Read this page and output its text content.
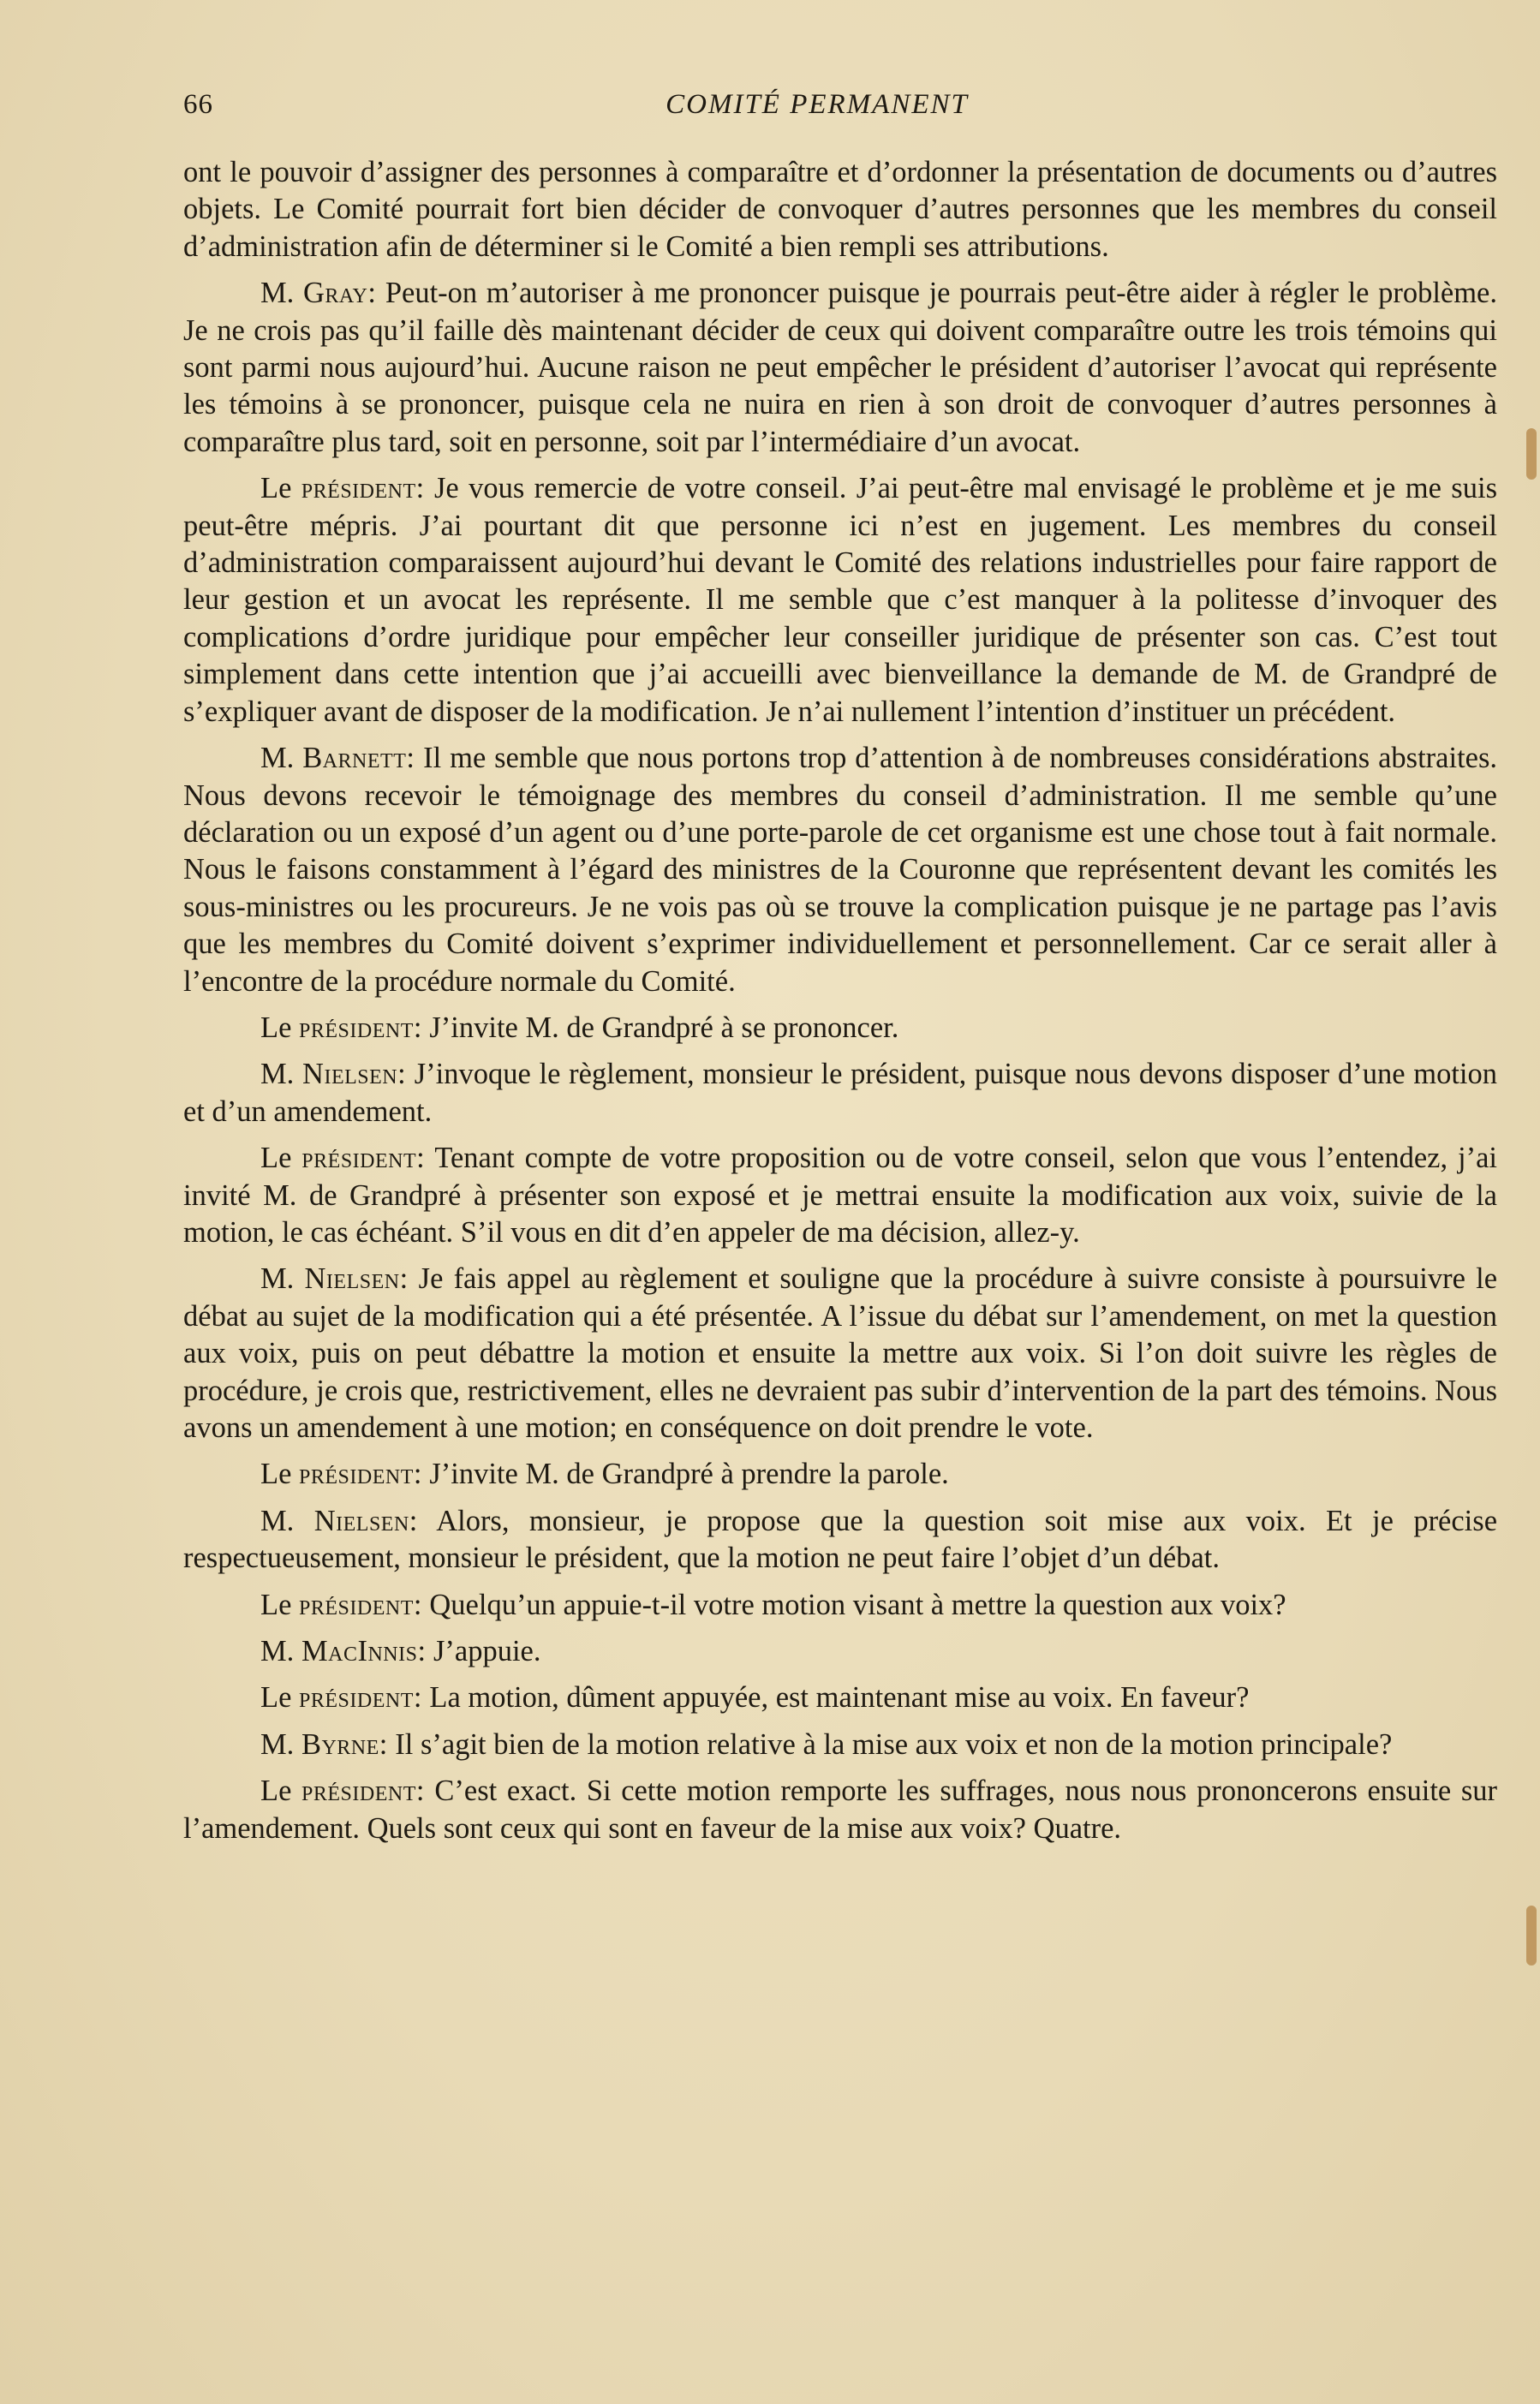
66	COMITÉ PERMANENT

ont le pouvoir d’assigner des personnes à comparaître et d’ordonner la présentation de documents ou d’autres objets. Le Comité pourrait fort bien décider de convoquer d’autres personnes que les membres du conseil d’administration afin de déterminer si le Comité a bien rempli ses attributions.

M. Gray: Peut-on m’autoriser à me prononcer puisque je pourrais peut-être aider à régler le problème. Je ne crois pas qu’il faille dès maintenant décider de ceux qui doivent comparaître outre les trois témoins qui sont parmi nous aujourd’hui. Aucune raison ne peut empêcher le président d’autoriser l’avocat qui représente les témoins à se prononcer, puisque cela ne nuira en rien à son droit de convoquer d’autres personnes à comparaître plus tard, soit en personne, soit par l’intermédiaire d’un avocat.

Le président: Je vous remercie de votre conseil. J’ai peut-être mal envisagé le problème et je me suis peut-être mépris. J’ai pourtant dit que personne ici n’est en jugement. Les membres du conseil d’administration comparaissent aujourd’hui devant le Comité des relations industrielles pour faire rapport de leur gestion et un avocat les représente. Il me semble que c’est manquer à la politesse d’invoquer des complications d’ordre juridique pour empêcher leur conseiller juridique de présenter son cas. C’est tout simplement dans cette intention que j’ai accueilli avec bienveillance la demande de M. de Grandpré de s’expliquer avant de disposer de la modification. Je n’ai nullement l’intention d’instituer un précédent.

M. Barnett: Il me semble que nous portons trop d’attention à de nombreuses considérations abstraites. Nous devons recevoir le témoignage des membres du conseil d’administration. Il me semble qu’une déclaration ou un exposé d’un agent ou d’une porte-parole de cet organisme est une chose tout à fait normale. Nous le faisons constamment à l’égard des ministres de la Couronne que représentent devant les comités les sous-ministres ou les procureurs. Je ne vois pas où se trouve la complication puisque je ne partage pas l’avis que les membres du Comité doivent s’exprimer individuellement et personnellement. Car ce serait aller à l’encontre de la procédure normale du Comité.

Le président: J’invite M. de Grandpré à se prononcer.

M. Nielsen: J’invoque le règlement, monsieur le président, puisque nous devons disposer d’une motion et d’un amendement.

Le président: Tenant compte de votre proposition ou de votre conseil, selon que vous l’entendez, j’ai invité M. de Grandpré à présenter son exposé et je mettrai ensuite la modification aux voix, suivie de la motion, le cas échéant. S’il vous en dit d’en appeler de ma décision, allez-y.

M. Nielsen: Je fais appel au règlement et souligne que la procédure à suivre consiste à poursuivre le débat au sujet de la modification qui a été présentée. A l’issue du débat sur l’amendement, on met la question aux voix, puis on peut débattre la motion et ensuite la mettre aux voix. Si l’on doit suivre les règles de procédure, je crois que, restrictivement, elles ne devraient pas subir d’intervention de la part des témoins. Nous avons un amendement à une motion; en conséquence on doit prendre le vote.

Le président: J’invite M. de Grandpré à prendre la parole.

M. Nielsen: Alors, monsieur, je propose que la question soit mise aux voix. Et je précise respectueusement, monsieur le président, que la motion ne peut faire l’objet d’un débat.

Le président: Quelqu’un appuie-t-il votre motion visant à mettre la question aux voix?

M. MacInnis: J’appuie.

Le président: La motion, dûment appuyée, est maintenant mise au voix. En faveur?

M. Byrne: Il s’agit bien de la motion relative à la mise aux voix et non de la motion principale?

Le président: C’est exact. Si cette motion remporte les suffrages, nous nous prononcerons ensuite sur l’amendement. Quels sont ceux qui sont en faveur de la mise aux voix? Quatre.
